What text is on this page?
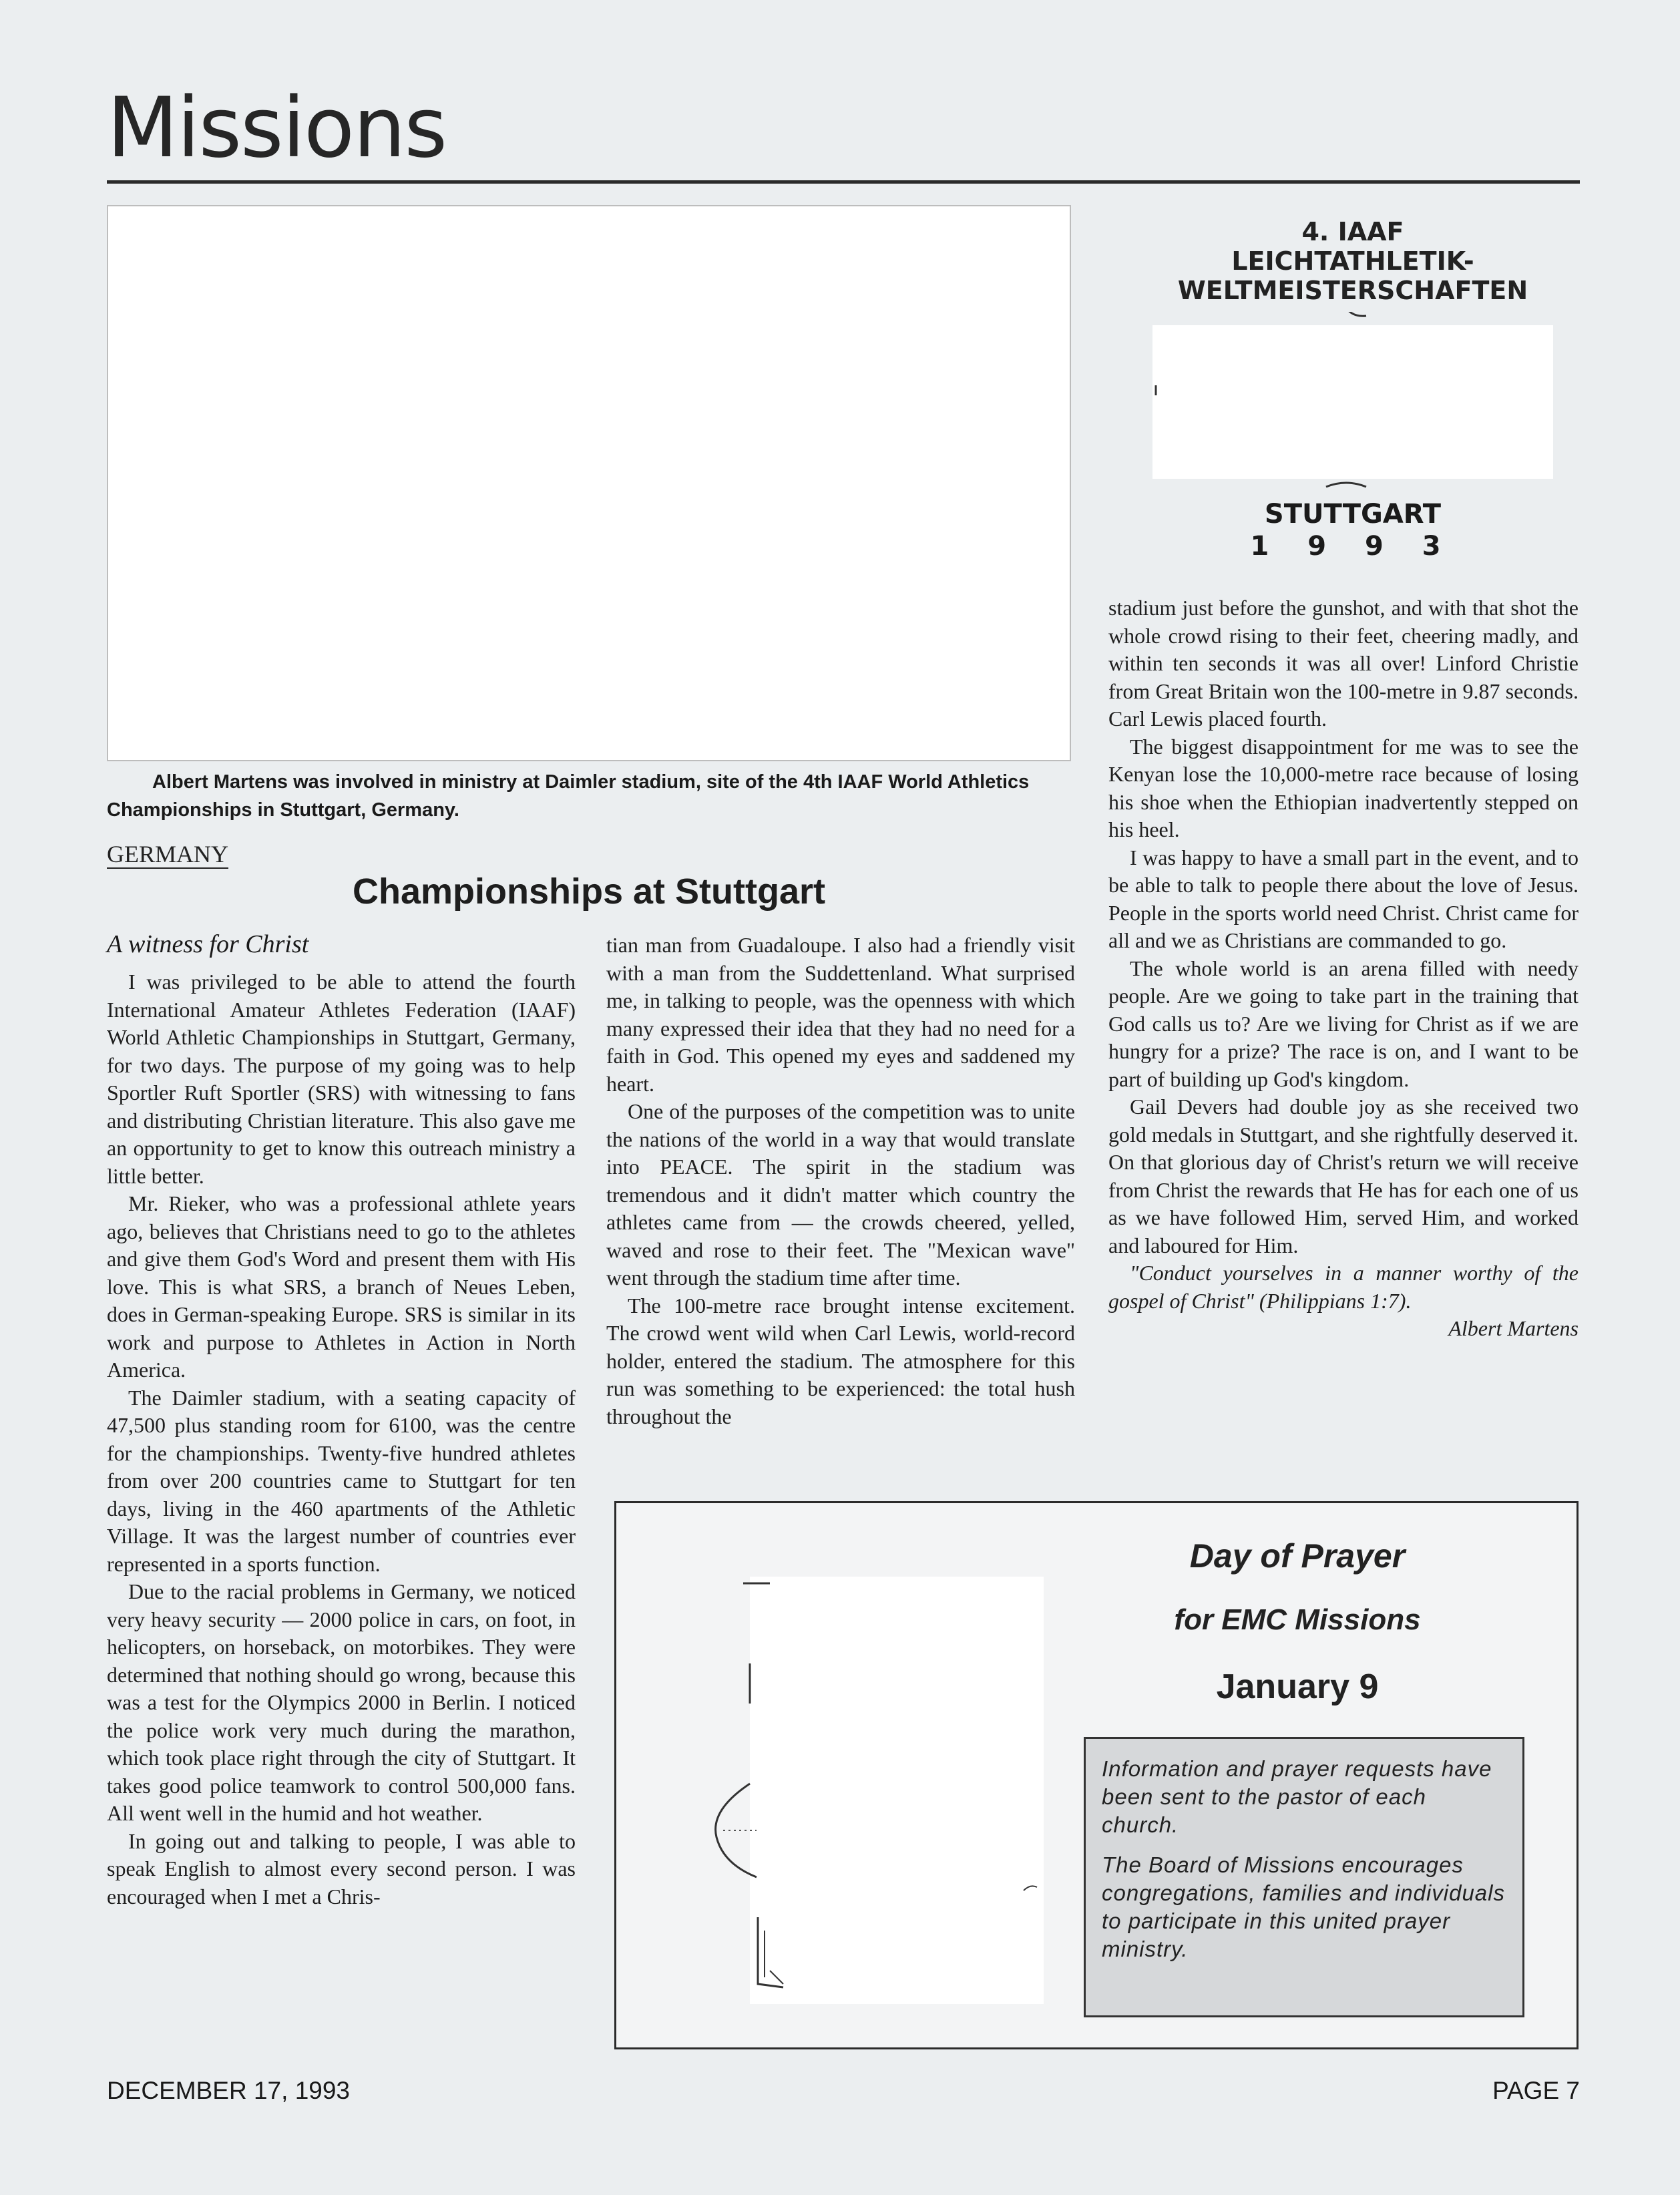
Missions
Albert Martens was involved in ministry at Daimler stadium, site of the 4th IAAF World Athletics Championships in Stuttgart, Germany.
4. IAAF
LEICHTATHLETIK-
WELTMEISTERSCHAFTEN
STUTTGART
1 9 9 3
GERMANY
Championships at Stuttgart
A witness for Christ

I was privileged to be able to attend the fourth International Amateur Athletes Federation (IAAF) World Athletic Championships in Stuttgart, Germany, for two days. The purpose of my going was to help Sportler Ruft Sportler (SRS) with witnessing to fans and distributing Christian literature. This also gave me an opportunity to get to know this outreach ministry a little better.

Mr. Rieker, who was a professional athlete years ago, believes that Christians need to go to the athletes and give them God's Word and present them with His love. This is what SRS, a branch of Neues Leben, does in German-speaking Europe. SRS is similar in its work and purpose to Athletes in Action in North America.

The Daimler stadium, with a seating capacity of 47,500 plus standing room for 6100, was the centre for the championships. Twenty-five hundred athletes from over 200 countries came to Stuttgart for ten days, living in the 460 apartments of the Athletic Village. It was the largest number of countries ever represented in a sports function.

Due to the racial problems in Germany, we noticed very heavy security — 2000 police in cars, on foot, in helicopters, on horseback, on motorbikes. They were determined that nothing should go wrong, because this was a test for the Olympics 2000 in Berlin. I noticed the police work very much during the marathon, which took place right through the city of Stuttgart. It takes good police teamwork to control 500,000 fans. All went well in the humid and hot weather.

In going out and talking to people, I was able to speak English to almost every second person. I was encouraged when I met a Chris-

tian man from Guadaloupe. I also had a friendly visit with a man from the Suddettenland. What surprised me, in talking to people, was the openness with which many expressed their idea that they had no need for a faith in God. This opened my eyes and saddened my heart.

One of the purposes of the competition was to unite the nations of the world in a way that would translate into PEACE. The spirit in the stadium was tremendous and it didn't matter which country the athletes came from — the crowds cheered, yelled, waved and rose to their feet. The "Mexican wave" went through the stadium time after time.

The 100-metre race brought intense excitement. The crowd went wild when Carl Lewis, world-record holder, entered the stadium. The atmosphere for this run was something to be experienced: the total hush throughout the

stadium just before the gunshot, and with that shot the whole crowd rising to their feet, cheering madly, and within ten seconds it was all over! Linford Christie from Great Britain won the 100-metre in 9.87 seconds. Carl Lewis placed fourth.

The biggest disappointment for me was to see the Kenyan lose the 10,000-metre race because of losing his shoe when the Ethiopian inadvertently stepped on his heel.

I was happy to have a small part in the event, and to be able to talk to people there about the love of Jesus. People in the sports world need Christ. Christ came for all and we as Christians are commanded to go.

The whole world is an arena filled with needy people. Are we going to take part in the training that God calls us to? Are we living for Christ as if we are hungry for a prize? The race is on, and I want to be part of building up God's kingdom.

Gail Devers had double joy as she received two gold medals in Stuttgart, and she rightfully deserved it. On that glorious day of Christ's return we will receive from Christ the rewards that He has for each one of us as we have followed Him, served Him, and worked and laboured for Him.

"Conduct yourselves in a manner worthy of the gospel of Christ" (Philippians 1:7).

Albert Martens

Day of Prayer
for EMC Missions
January 9

Information and prayer requests have been sent to the pastor of each church.

The Board of Missions encourages congregations, families and individuals to participate in this united prayer ministry.

DECEMBER 17, 1993	PAGE 7
